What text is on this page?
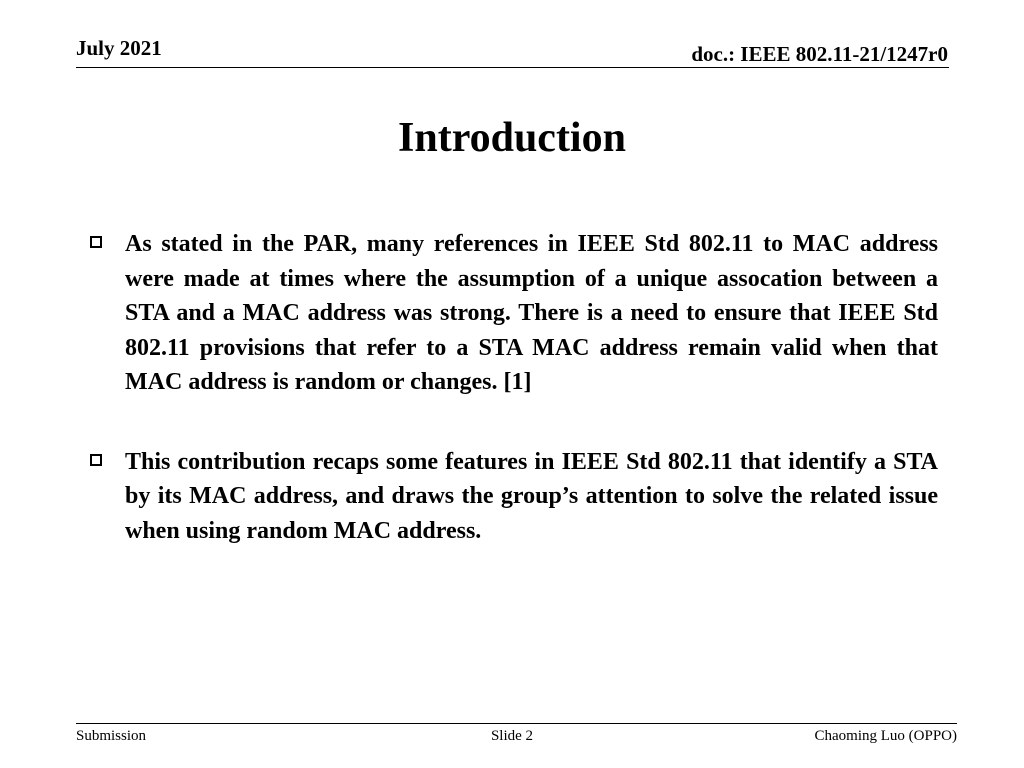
July 2021	doc.: IEEE 802.11-21/1247r0
Introduction

As stated in the PAR, many references in IEEE Std 802.11 to MAC address were made at times where the assumption of a unique assocation between a STA and a MAC address was strong. There is a need to ensure that IEEE Std 802.11 provisions that refer to a STA MAC address remain valid when that MAC address is random or changes. [1]

This contribution recaps some features in IEEE Std 802.11 that identify a STA by its MAC address, and draws the group’s attention to solve the related issue when using random MAC address.

Submission	Slide 2	Chaoming Luo (OPPO)
